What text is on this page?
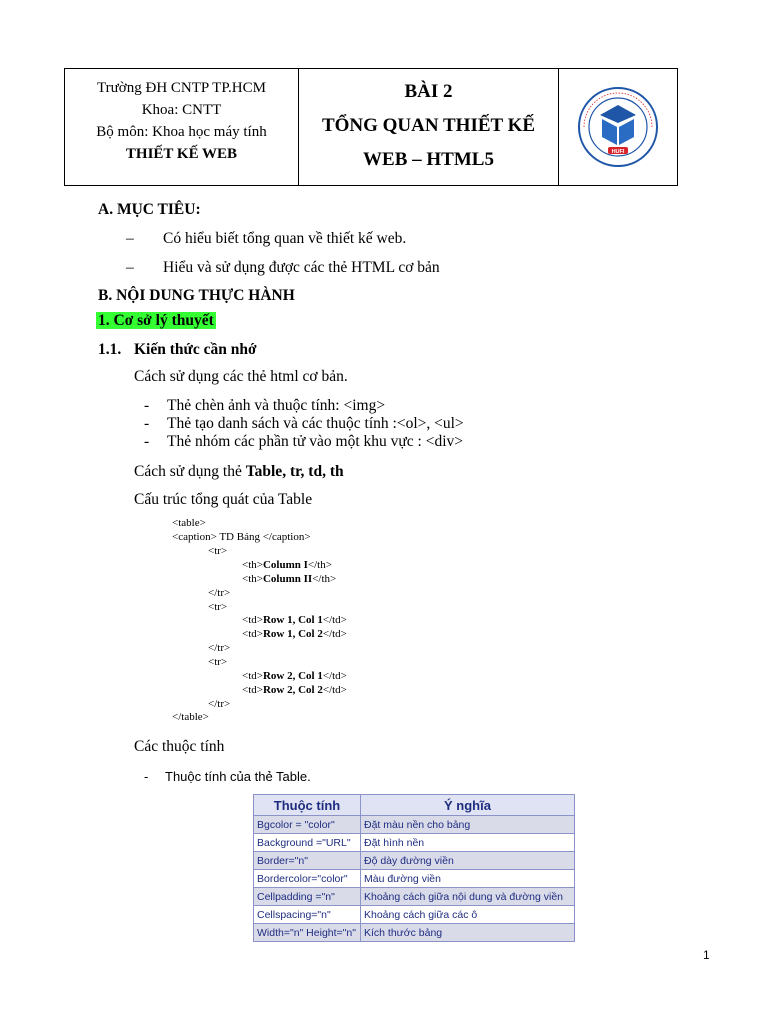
Trường ĐH CNTP TP.HCM
Khoa: CNTT
Bộ môn: Khoa học máy tính
THIẾT KẾ WEB
BÀI 2
TỔNG QUAN THIẾT KẾ
WEB – HTML5	HUFI
A. MỤC TIÊU:
– Có hiểu biết tổng quan về thiết kế web.
– Hiểu và sử dụng được các thẻ HTML cơ bản
B. NỘI DUNG THỰC HÀNH
1. Cơ sở lý thuyết
1.1. Kiến thức cần nhớ
Cách sử dụng các thẻ html cơ bản.
- Thẻ chèn ảnh và thuộc tính: <img>
- Thẻ tạo danh sách và các thuộc tính :<ol>, <ul>
- Thẻ nhóm các phần tử vào một khu vực : <div>
Cách sử dụng thẻ Table, tr, td, th
Cấu trúc tổng quát của Table
<table>
<caption> TD Bảng </caption>
<tr>
<th>Column I</th>
<th>Column II</th>
</tr>
<tr>
<td>Row 1, Col 1</td>
<td>Row 1, Col 2</td>
</tr>
<tr>
<td>Row 2, Col 1</td>
<td>Row 2, Col 2</td>
</tr>
</table>
Các thuộc tính
- Thuộc tính của thẻ Table.
Thuộc tính	Ý nghĩa
Bgcolor = "color"	Đặt màu nền cho bảng
Background ="URL"	Đặt hình nền
Border="n"	Độ dày đường viền
Bordercolor="color"	Màu đường viền
Cellpadding ="n"	Khoảng cách giữa nội dung và đường viền
Cellspacing="n"	Khoảng cách giữa các ô
Width="n" Height="n"	Kích thước bảng
1
